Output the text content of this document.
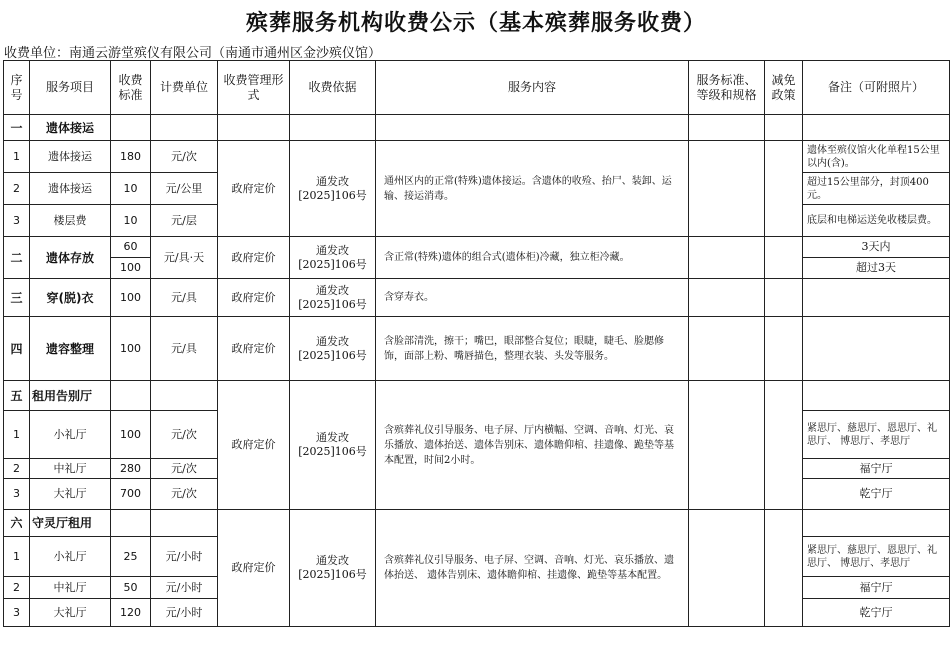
殡葬服务机构收费公示（基本殡葬服务收费）
收费单位：南通云游堂殡仪有限公司（南通市通州区金沙殡仪馆）
序号	服务项目	收费标准	计费单位	收费管理形式	收费依据	服务内容	服务标准、等级和规格	减免政策	备注（可附照片）
一	遗体接运								
1	遗体接运	180	元/次	政府定价	通发改[2025]106号	通州区内的正常(特殊)遗体接运。含遗体的收殓、抬尸、装卸、运输、接运消毒。			遗体至殡仪馆火化单程15公里以内(含)。
2	遗体接运	10	元/公里						超过15公里部分，封顶400元。
3	楼层费	10	元/层						底层和电梯运送免收楼层费。
二	遗体存放	60	元/具·天	政府定价	通发改[2025]106号	含正常(特殊)遗体的组合式(遗体柜)冷藏，独立柜冷藏。			3天内
		100							超过3天
三	穿(脱)衣	100	元/具	政府定价	通发改[2025]106号	含穿寿衣。			
四	遗容整理	100	元/具	政府定价	通发改[2025]106号	含脸部清洗，擦干；嘴巴，眼部整合复位；眼睫，睫毛、脸腮修饰，面部上粉、嘴唇描色，整理衣装、头发等服务。			
五	租用告别厅			政府定价	通发改[2025]106号	含殡葬礼仪引导服务、电子屏、厅内横幅、空调、音响、灯光、哀乐播放、遗体抬送、遗体告别床、遗体瞻仰棺、挂遗像、跪垫等基本配置，时间2小时。			
1	小礼厅	100	元/次						紧思厅、慈思厅、恩思厅、礼思厅、 博思厅、孝思厅
2	中礼厅	280	元/次						福宁厅
3	大礼厅	700	元/次						乾宁厅
六	守灵厅租用			政府定价	通发改[2025]106号	含殡葬礼仪引导服务、电子屏、空调、音响、灯光、哀乐播放、遗体抬送、 遗体告别床、遗体瞻仰棺、挂遗像、跪垫等基本配置。			
1	小礼厅	25	元/小时						紧思厅、慈思厅、恩思厅、礼思厅、 博思厅、孝思厅
2	中礼厅	50	元/小时						福宁厅
3	大礼厅	120	元/小时						乾宁厅
